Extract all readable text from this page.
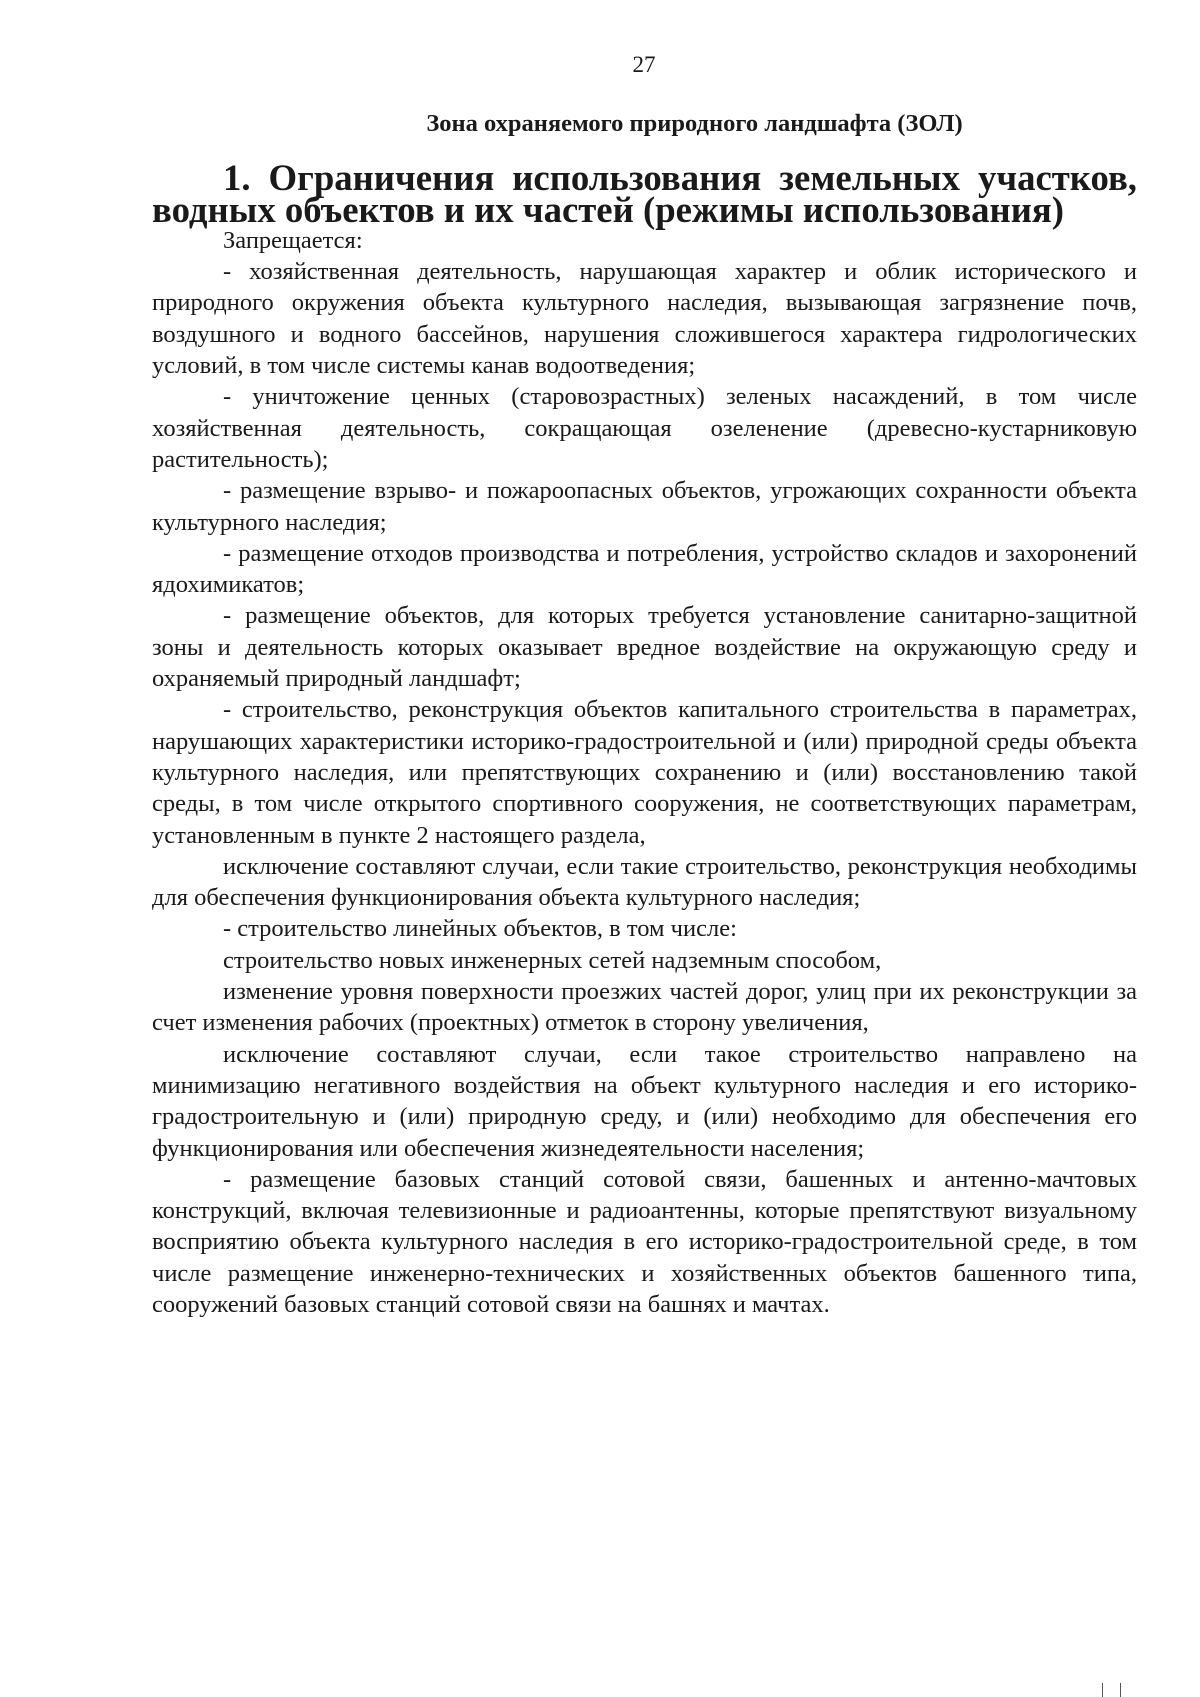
27
Зона охраняемого природного ландшафта (ЗОЛ)
1. Ограничения использования земельных участков, водных объектов и их частей (режимы использования)

Запрещается:

- хозяйственная деятельность, нарушающая характер и облик исторического и природного окружения объекта культурного наследия, вызывающая загрязнение почв, воздушного и водного бассейнов, нарушения сложившегося характера гидрологических условий, в том числе системы канав водоотведения;

- уничтожение ценных (старовозрастных) зеленых насаждений, в том числе хозяйственная деятельность, сокращающая озеленение (древесно-кустарниковую растительность);

- размещение взрыво- и пожароопасных объектов, угрожающих сохранности объекта культурного наследия;

- размещение отходов производства и потребления, устройство складов и захоронений ядохимикатов;

- размещение объектов, для которых требуется установление санитарно-защитной зоны и деятельность которых оказывает вредное воздействие на окружающую среду и охраняемый природный ландшафт;

- строительство, реконструкция объектов капитального строительства в параметрах, нарушающих характеристики историко-градостроительной и (или) природной среды объекта культурного наследия, или препятствующих сохранению и (или) восстановлению такой среды, в том числе открытого спортивного сооружения, не соответствующих параметрам, установленным в пункте 2 настоящего раздела,

исключение составляют случаи, если такие строительство, реконструкция необходимы для обеспечения функционирования объекта культурного наследия;

- строительство линейных объектов, в том числе:

строительство новых инженерных сетей надземным способом,

изменение уровня поверхности проезжих частей дорог, улиц при их реконструкции за счет изменения рабочих (проектных) отметок в сторону увеличения,

исключение составляют случаи, если такое строительство направлено на минимизацию негативного воздействия на объект культурного наследия и его историко-градостроительную и (или) природную среду, и (или) необходимо для обеспечения его функционирования или обеспечения жизнедеятельности населения;

- размещение базовых станций сотовой связи, башенных и антенно-мачтовых конструкций, включая телевизионные и радиоантенны, которые препятствуют визуальному восприятию объекта культурного наследия в его историко-градостроительной среде, в том числе размещение инженерно-технических и хозяйственных объектов башенного типа, сооружений базовых станций сотовой связи на башнях и мачтах.
